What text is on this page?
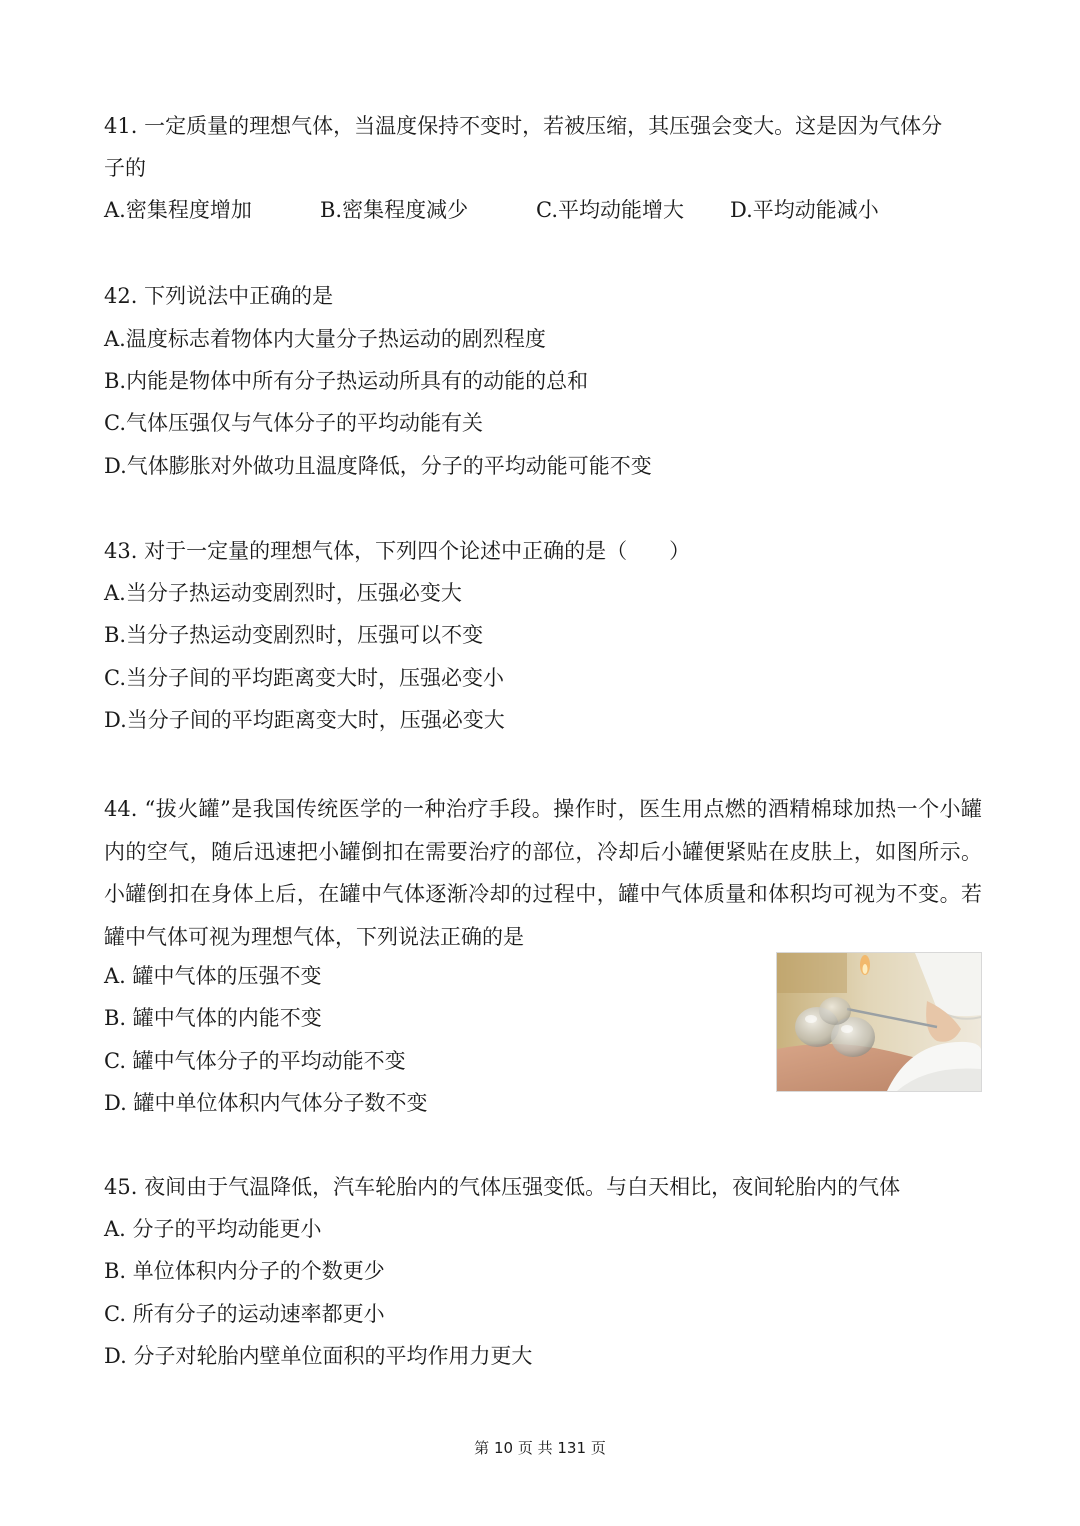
41. 一定质量的理想气体，当温度保持不变时，若被压缩，其压强会变大。这是因为气体分
子的
A.密集程度增加	B.密集程度减少	C.平均动能增大 D.平均动能减小
42. 下列说法中正确的是
A.温度标志着物体内大量分子热运动的剧烈程度
B.内能是物体中所有分子热运动所具有的动能的总和
C.气体压强仅与气体分子的平均动能有关
D.气体膨胀对外做功且温度降低，分子的平均动能可能不变
43. 对于一定量的理想气体，下列四个论述中正确的是（　　）
A.当分子热运动变剧烈时，压强必变大
B.当分子热运动变剧烈时，压强可以不变
C.当分子间的平均距离变大时，压强必变小
D.当分子间的平均距离变大时，压强必变大
44. “拔火罐”是我国传统医学的一种治疗手段。操作时，医生用点燃的酒精棉球加热一个小罐内的空气，随后迅速把小罐倒扣在需要治疗的部位，冷却后小罐便紧贴在皮肤上，如图所示。小罐倒扣在身体上后，在罐中气体逐渐冷却的过程中，罐中气体质量和体积均可视为不变。若罐中气体可视为理想气体，下列说法正确的是
A. 罐中气体的压强不变
B. 罐中气体的内能不变
C. 罐中气体分子的平均动能不变
D. 罐中单位体积内气体分子数不变
45. 夜间由于气温降低，汽车轮胎内的气体压强变低。与白天相比，夜间轮胎内的气体
A. 分子的平均动能更小
B. 单位体积内分子的个数更少
C. 所有分子的运动速率都更小
D. 分子对轮胎内壁单位面积的平均作用力更大
第 10 页 共 131 页
